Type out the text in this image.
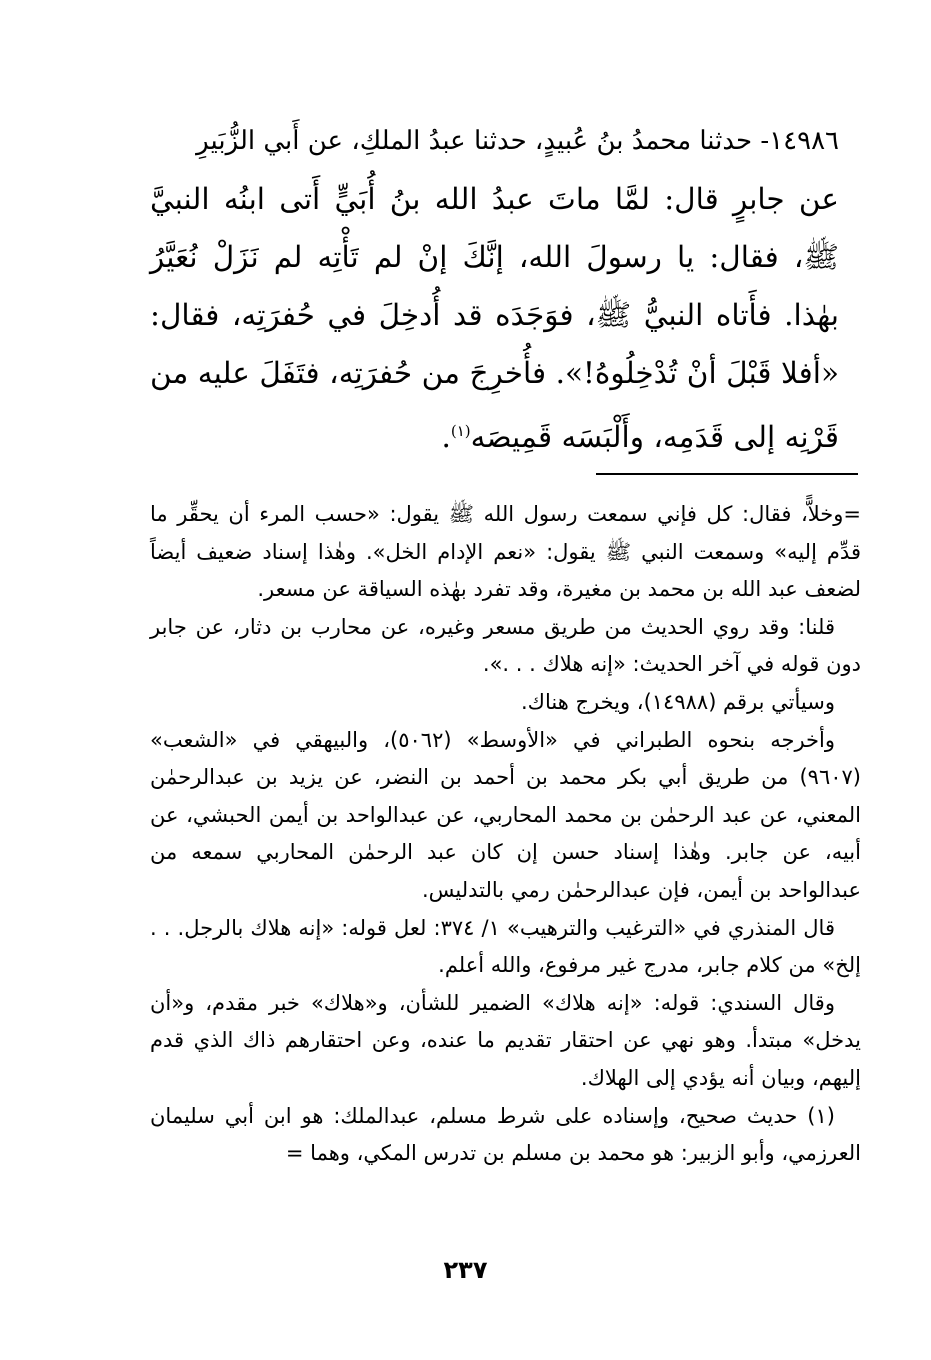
١٤٩٨٦- حدثنا محمدُ بنُ عُبيدٍ، حدثنا عبدُ الملكِ، عن أَبي الزُّبَيرِ
عن جابرٍ قال: لمَّا ماتَ عبدُ الله بنُ أُبَيٍّ أَتى ابنُه النبيَّ ﷺ، فقال: يا رسولَ الله، إنَّكَ إنْ لم تَأْتِه لم نَزَلْ نُعَيَّرُ بهٰذا. فأَتاه النبيُّ ﷺ، فوَجَدَه قد أُدخِلَ في حُفرَتِه، فقال: «أفلا قَبْلَ أنْ تُدْخِلُوهُ!». فأُخرِجَ من حُفرَتِه، فتَفَلَ عليه من قَرْنِه إلى قَدَمِه، وأَلْبَسَه قَمِيصَه$^{(١)}$.

=وخلاًّ، فقال: كل فإني سمعت رسول الله ﷺ يقول: «حسب المرء أن يحقِّر ما قدِّم إليه» وسمعت النبي ﷺ يقول: «نعم الإدام الخل». وهٰذا إسناد ضعيف أيضاً لضعف عبد الله بن محمد بن مغيرة، وقد تفرد بهٰذه السياقة عن مسعر.

قلنا: وقد روي الحديث من طريق مسعر وغيره، عن محارب بن دثار، عن جابر دون قوله في آخر الحديث: «إنه هلاك . . .».

وسيأتي برقم (١٤٩٨٨)، ويخرج هناك.

وأخرجه بنحوه الطبراني في «الأوسط» (٥٠٦٢)، والبيهقي في «الشعب» (٩٦٠٧) من طريق أبي بكر محمد بن أحمد بن النضر، عن يزيد بن عبدالرحمٰن المعني، عن عبد الرحمٰن بن محمد المحاربي، عن عبدالواحد بن أيمن الحبشي، عن أبيه، عن جابر. وهٰذا إسناد حسن إن كان عبد الرحمٰن المحاربي سمعه من عبدالواحد بن أيمن، فإن عبدالرحمٰن رمي بالتدليس.

قال المنذري في «الترغيب والترهيب» ١/ ٣٧٤: لعل قوله: «إنه هلاك بالرجل. . . إلخ» من كلام جابر، مدرج غير مرفوع، والله أعلم.

وقال السندي: قوله: «إنه هلاك» الضمير للشأن، و«هلاك» خبر مقدم، و«أن يدخل» مبتدأ. وهو نهي عن احتقار تقديم ما عنده، وعن احتقارهم ذاك الذي قدم إليهم، وبيان أنه يؤدي إلى الهلاك.

(١) حديث صحيح، وإسناده على شرط مسلم، عبدالملك: هو ابن أبي سليمان العرزمي، وأبو الزبير: هو محمد بن مسلم بن تدرس المكي، وهما =

٢٣٧
